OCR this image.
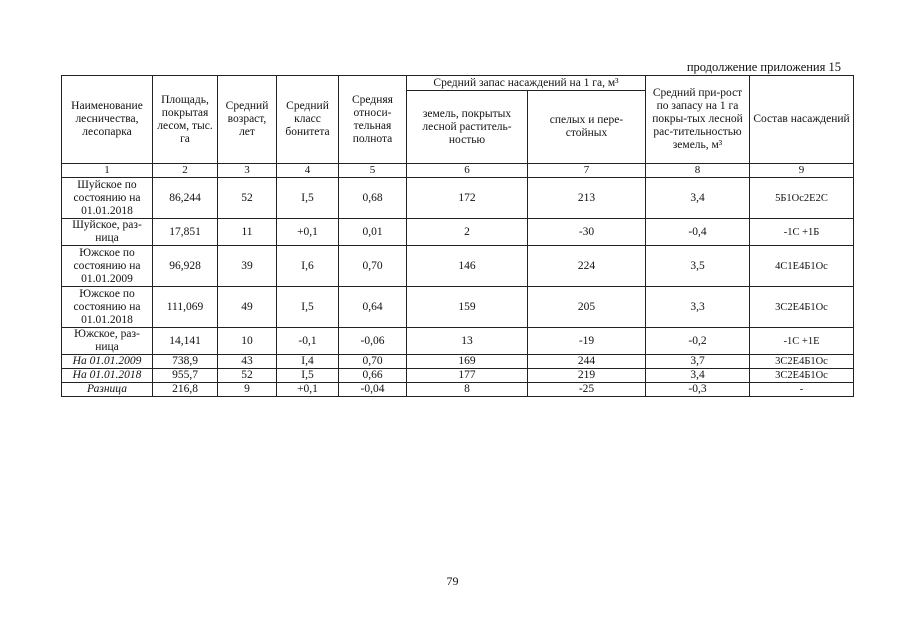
продолжение приложения 15
Наименование лесничества, лесопарка	Площадь, покрытая лесом, тыс. га	Средний возраст, лет	Средний класс бонитета	Средняя относи-тельная полнота	Средний запас насаждений на 1 га, м³		Средний при-рост по запасу на 1 га покры-тых лесной рас-тительностью земель, м³	Состав насаждений
					земель, покрытых лесной раститель-ностью	спелых и пере-стойных		
1	2	3	4	5	6	7	8	9
Шуйское по состоянию на 01.01.2018	86,244	52	I,5	0,68	172	213	3,4	5Б1Ос2Е2С
Шуйское, раз-ница	17,851	11	+0,1	0,01	2	-30	-0,4	-1С +1Б
Южское по состоянию на 01.01.2009	96,928	39	I,6	0,70	146	224	3,5	4С1Е4Б1Ос
Южское по состоянию на 01.01.2018	111,069	49	I,5	0,64	159	205	3,3	3С2Е4Б1Ос
Южское, раз-ница	14,141	10	-0,1	-0,06	13	-19	-0,2	-1С +1Е
На 01.01.2009	738,9	43	I,4	0,70	169	244	3,7	3С2Е4Б1Ос
На 01.01.2018	955,7	52	I,5	0,66	177	219	3,4	3С2Е4Б1Ос
Разница	216,8	9	+0,1	-0,04	8	-25	-0,3	-
79
